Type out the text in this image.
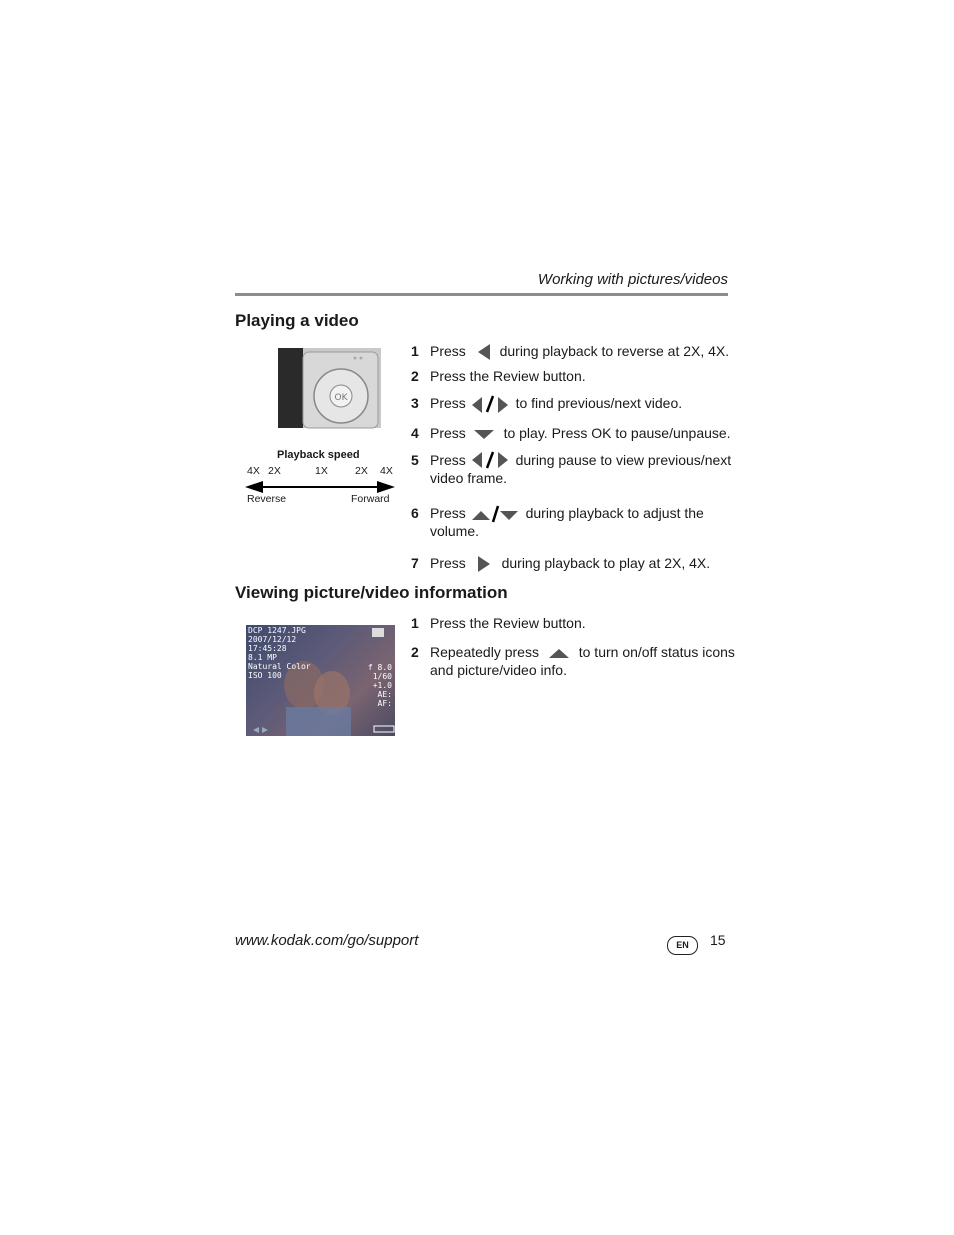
Working with pictures/videos
Playing a video
OK
Playback speed
4X 2X	1X	2X 4X
Reverse	Forward
1 Press during playback to reverse at 2X, 4X.
2 Press the Review button.
3 Press	to find previous/next video.
4 Press	to play. Press OK to pause/unpause.
5 Press	during pause to view previous/next
video frame.
6 Press	during playback to adjust the
volume.
7 Press	during playback to play at 2X, 4X.
Viewing picture/video information
DCP 1247.JPG
2007/12/12
17:45:28
8.1 MP
Natural Color
ISO 100
f 8.0
1/60
+1.0
AE:
AF:
1 Press the Review button.
2 Repeatedly press	to turn on/off status icons
and picture/video info.
www.kodak.com/go/support	EN	15
